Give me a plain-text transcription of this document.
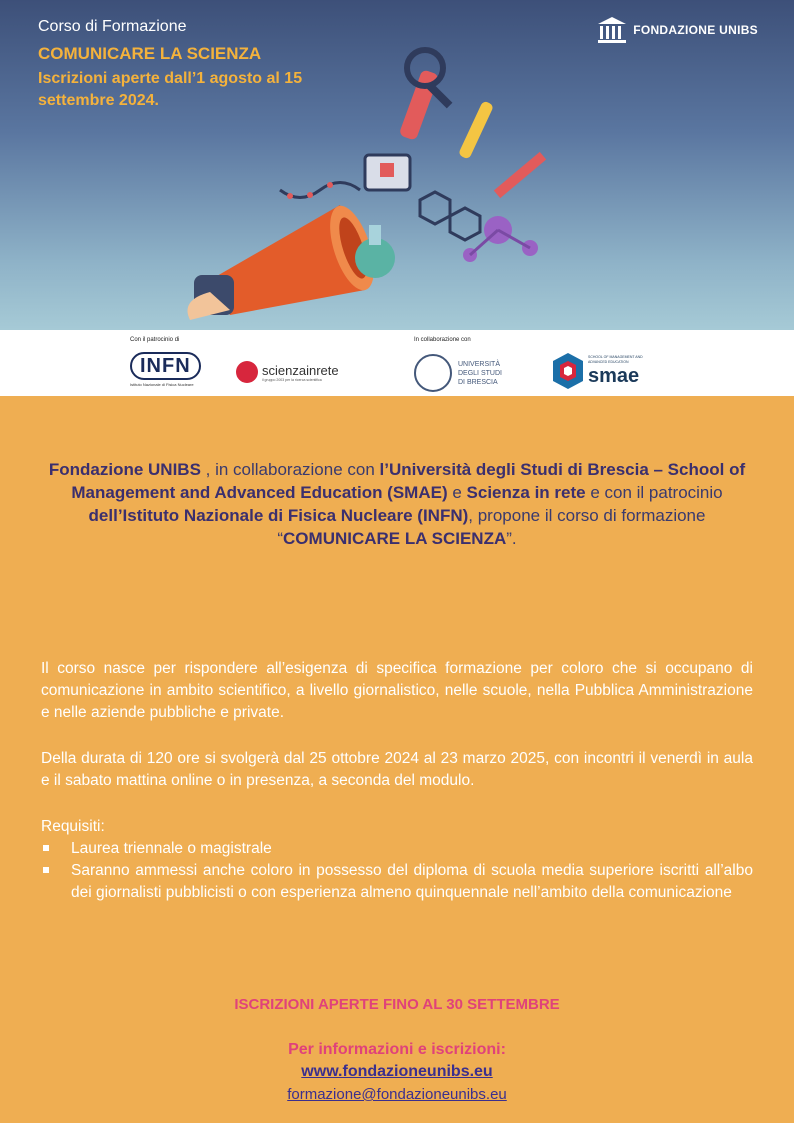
Corso di Formazione

COMUNICARE LA SCIENZA

Iscrizioni aperte dall’1 agosto al 15 settembre 2024.

FONDAZIONE UNIBS
Con il patrocinio di	In collaborazione con
INFN
Istituto Nazionale di Fisica Nucleare
scienzainrete
il gruppo 2003 per la ricerca scientifica
UNIVERSITÀ
DEGLI STUDI
DI BRESCIA
SCHOOL OF MANAGEMENT AND ADVANCED EDUCATION
smae
Fondazione UNIBS , in collaborazione con l’Università degli Studi di Brescia – School of Management and Advanced Education (SMAE) e Scienza in rete e con il patrocinio dell’Istituto Nazionale di Fisica Nucleare (INFN), propone il corso di formazione
“COMUNICARE LA SCIENZA”.

Il corso nasce per rispondere all’esigenza di specifica formazione per coloro che si occupano di comunicazione in ambito scientifico, a livello giornalistico, nelle scuole, nella Pubblica Amministrazione e nelle aziende pubbliche e private.

Della durata di 120 ore si svolgerà dal 25 ottobre 2024 al 23 marzo 2025, con incontri il venerdì in aula e il sabato mattina online o in presenza, a seconda del modulo.

Requisiti:

Laurea triennale o magistrale
Saranno ammessi anche coloro in possesso del diploma di scuola media superiore iscritti all’albo dei giornalisti pubblicisti o con esperienza almeno quinquennale nell’ambito della comunicazione
ISCRIZIONI APERTE FINO AL 30 SETTEMBRE
Per informazioni e iscrizioni:
www.fondazioneunibs.eu
formazione@fondazioneunibs.eu
